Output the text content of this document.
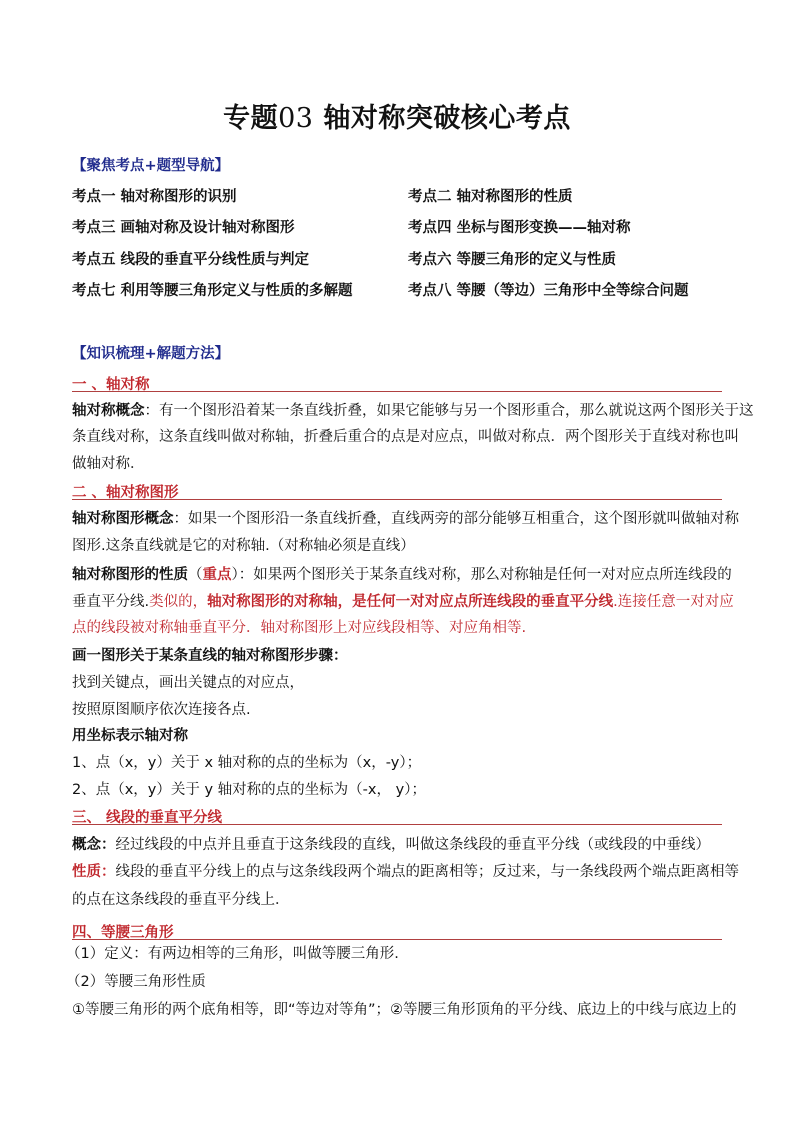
专题03 轴对称突破核心考点
【聚焦考点+题型导航】
考点一 轴对称图形的识别	考点二 轴对称图形的性质
考点三 画轴对称及设计轴对称图形	考点四 坐标与图形变换——轴对称
考点五 线段的垂直平分线性质与判定	考点六 等腰三角形的定义与性质
考点七 利用等腰三角形定义与性质的多解题	考点八 等腰（等边）三角形中全等综合问题
【知识梳理+解题方法】
一 、轴对称
轴对称概念：有一个图形沿着某一条直线折叠，如果它能够与另一个图形重合，那么就说这两个图形关于这
条直线对称，这条直线叫做对称轴，折叠后重合的点是对应点，叫做对称点．两个图形关于直线对称也叫
做轴对称．
二 、轴对称图形
轴对称图形概念：如果一个图形沿一条直线折叠，直线两旁的部分能够互相重合，这个图形就叫做轴对称
图形.这条直线就是它的对称轴.（对称轴必须是直线）
轴对称图形的性质（重点）：如果两个图形关于某条直线对称，那么对称轴是任何一对对应点所连线段的
垂直平分线.类似的，轴对称图形的对称轴，是任何一对对应点所连线段的垂直平分线.连接任意一对对应
点的线段被对称轴垂直平分．轴对称图形上对应线段相等、对应角相等.
画一图形关于某条直线的轴对称图形步骤：
找到关键点，画出关键点的对应点，
按照原图顺序依次连接各点.
用坐标表示轴对称
1、点（x，y）关于 x 轴对称的点的坐标为（x，-y）；
2、点（x，y）关于 y 轴对称的点的坐标为（-x， y）；
三、 线段的垂直平分线
概念：经过线段的中点并且垂直于这条线段的直线，叫做这条线段的垂直平分线（或线段的中垂线）
性质：线段的垂直平分线上的点与这条线段两个端点的距离相等；反过来，与一条线段两个端点距离相等
的点在这条线段的垂直平分线上．
四、等腰三角形
（1）定义：有两边相等的三角形，叫做等腰三角形.
（2）等腰三角形性质
①等腰三角形的两个底角相等，即“等边对等角”；②等腰三角形顶角的平分线、底边上的中线与底边上的
